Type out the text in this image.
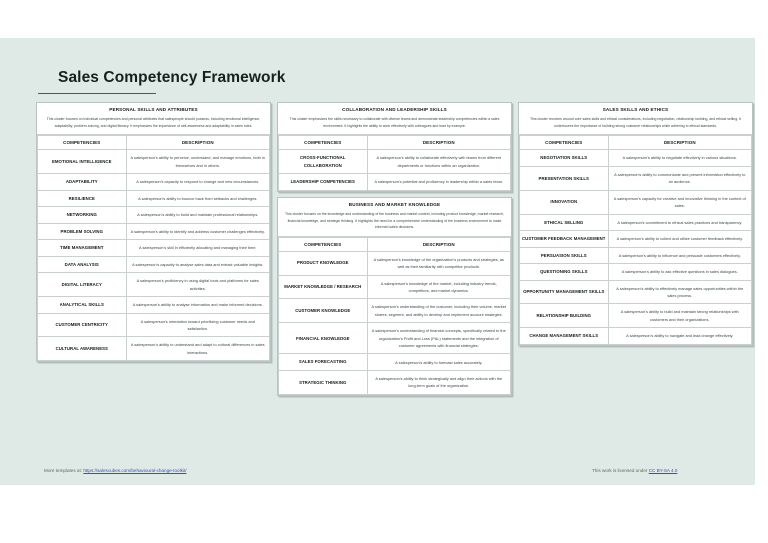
Sales Competency Framework
PERSONAL SKILLS AND ATTRIBUTES
This cluster focuses on individual competencies and personal attributes that salespeople should possess, including emotional intelligence, adaptability, problem-solving, and digital literacy. It emphasizes the importance of self-awareness and adaptability in sales roles.
COMPETENCIES	DESCRIPTION
EMOTIONAL INTELLIGENCE	A salesperson's ability to perceive, understand, and manage emotions, both in themselves and in others.
ADAPTABILITY	A salesperson's capacity to respond to change and new circumstances.
RESILIENCE	A salesperson's ability to bounce back from setbacks and challenges.
NETWORKING	A salesperson's ability to build and maintain professional relationships.
PROBLEM SOLVING	A salesperson's ability to identify and address customer challenges effectively.
TIME MANAGEMENT	A salesperson's skill in efficiently allocating and managing their time.
DATA ANALYSIS	A salesperson's capacity to analyse sales data and extract valuable insights.
DIGITAL LITERACY	A salesperson's proficiency in using digital tools and platforms for sales activities.
ANALYTICAL SKILLS	A salesperson's ability to analyse information and make informed decisions.
CUSTOMER CENTRICITY	A salesperson's orientation toward prioritizing customer needs and satisfaction.
CULTURAL AWARENESS	A salesperson's ability to understand and adapt to cultural differences in sales interactions.
COLLABORATION AND LEADERSHIP SKILLS
This cluster emphasizes the skills necessary to collaborate with diverse teams and demonstrate leadership competencies within a sales environment. It highlights the ability to work effectively with colleagues and lead by example.
COMPETENCIES	DESCRIPTION
CROSS-FUNCTIONAL COLLABORATION	A salesperson's ability to collaborate effectively with teams from different departments or functions within an organization.
LEADERSHIP COMPETENCIES	A salesperson's potential and proficiency in leadership within a sales team.
BUSINESS AND MARKET KNOWLEDGE
This cluster focuses on the knowledge and understanding of the business and market context, including product knowledge, market research, financial knowledge, and strategic thinking. It highlights the need for a comprehensive understanding of the business environment to make informed sales decisions.
COMPETENCIES	DESCRIPTION
PRODUCT KNOWLEDGE	A salesperson's knowledge of the organization's products and strategies, as well as their familiarity with competitor products.
MARKET KNOWLEDGE / RESEARCH	A salesperson's knowledge of the market, including industry trends, competitors, and market dynamics.
CUSTOMER KNOWLEDGE	A salesperson's understanding of the customer, including their volume, market shares, segment, and ability to develop and implement account strategies.
FINANCIAL KNOWLEDGE	A salesperson's understanding of financial concepts, specifically related to the organization's Profit and Loss (P&L) statements and the integration of customer agreements with financial strategies.
SALES FORECASTING	A salesperson's ability to forecast sales accurately.
STRATEGIC THINKING	A salesperson's ability to think strategically and align their actions with the long-term goals of the organization.
SALES SKILLS AND ETHICS
This cluster revolves around core sales skills and ethical considerations, including negotiation, relationship building, and ethical selling. It underscores the importance of building strong customer relationships while adhering to ethical standards.
COMPETENCIES	DESCRIPTION
NEGOTIATION SKILLS	A salesperson's ability to negotiate effectively in various situations.
PRESENTATION SKILLS	A salesperson's ability to communicate and present information effectively to an audience.
INNOVATION	A salesperson's capacity for creative and innovative thinking in the context of sales.
ETHICAL SELLING	A salesperson's commitment to ethical sales practices and transparency.
CUSTOMER FEEDBACK MANAGEMENT	A salesperson's ability to collect and utilize customer feedback effectively.
PERSUASION SKILLS	A salesperson's ability to influence and persuade customers effectively.
QUESTIONING SKILLS	A salesperson's ability to ask effective questions in sales dialogues.
OPPORTUNITY MANAGEMENT SKILLS	A salesperson's ability to effectively manage sales opportunities within the sales process.
RELATIONSHIP BUILDING	A salesperson's ability to build and maintain strong relationships with customers and their organizations.
CHANGE MANAGEMENT SKILLS	A salesperson's ability to navigate and lead change effectively.
More templates at: https://salescubes.com/behavioural-change-toolkit/	This work is licensed under CC BY-SA 4.0
